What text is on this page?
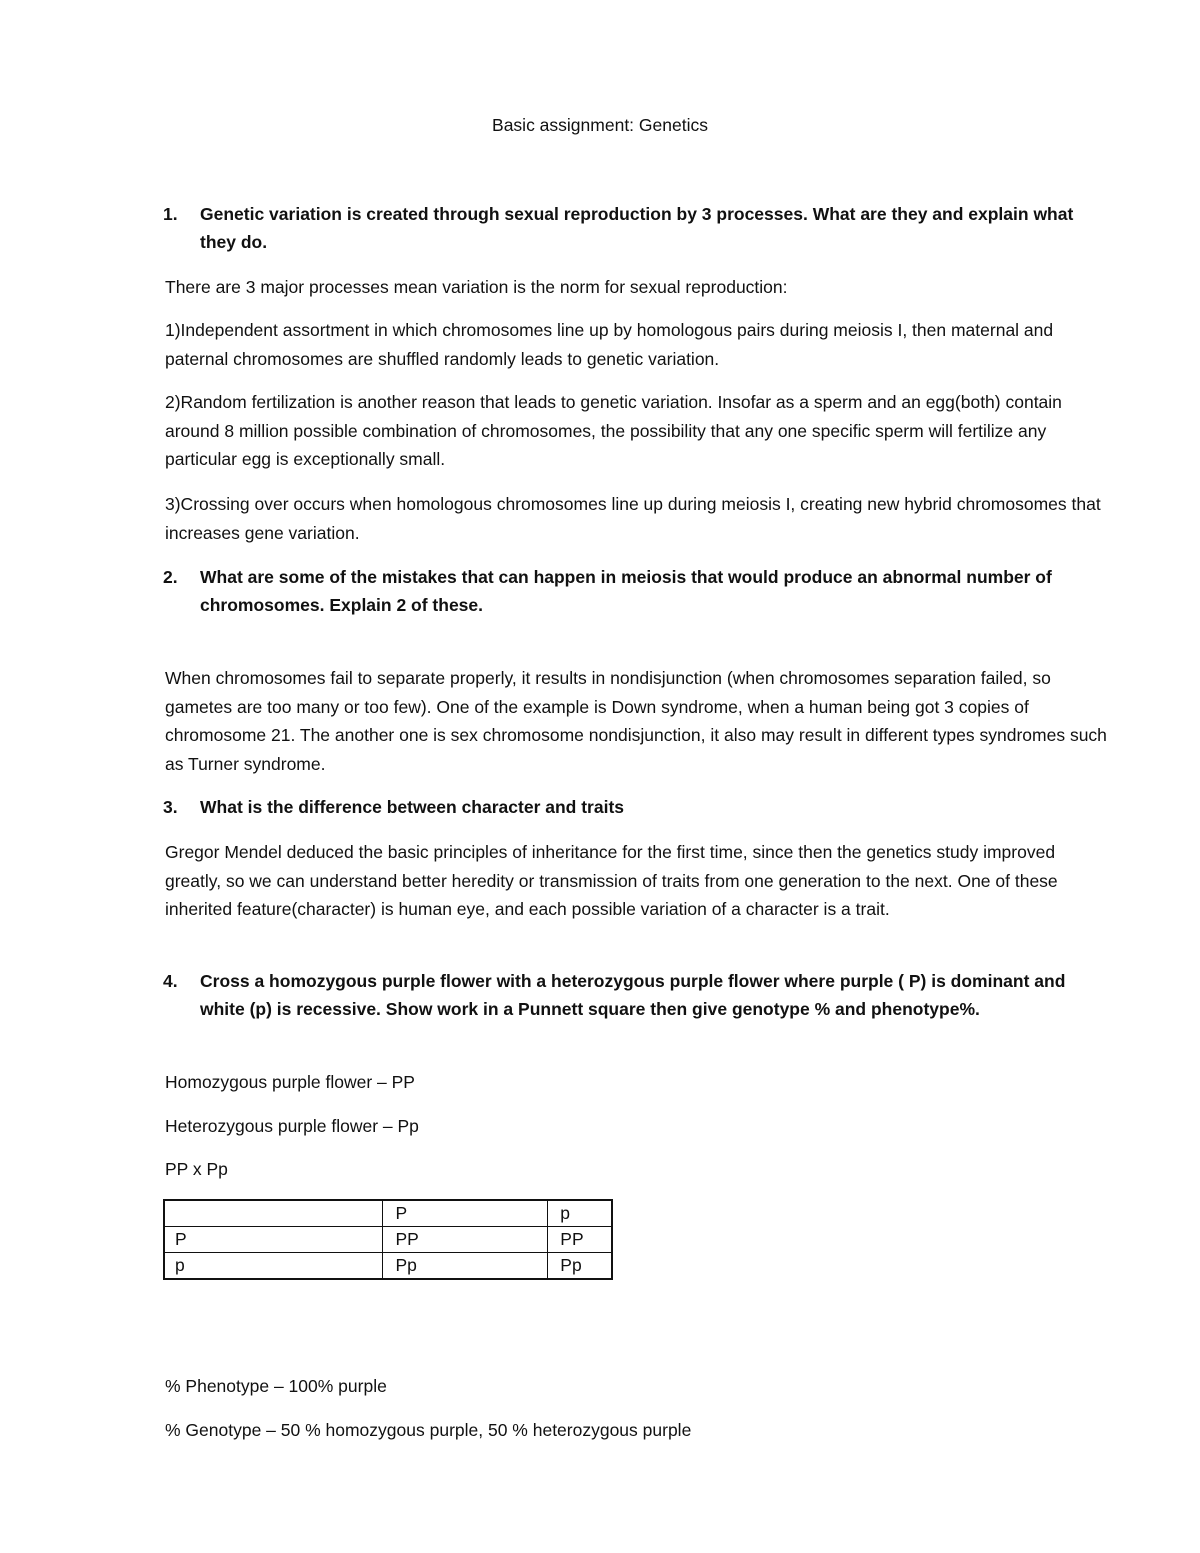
Basic assignment: Genetics
1. Genetic variation is created through sexual reproduction by 3 processes. What are they and explain what they do.
There are 3 major processes mean variation is the norm for sexual reproduction:
1)Independent assortment in which chromosomes line up by homologous pairs during meiosis I, then maternal and paternal chromosomes are shuffled randomly leads to genetic variation.
2)Random fertilization is another reason that leads to genetic variation. Insofar as a sperm and an egg(both) contain around 8 million possible combination of chromosomes, the possibility that any one specific sperm will fertilize any particular egg is exceptionally small.
3)Crossing over occurs when homologous chromosomes line up during meiosis I, creating new hybrid chromosomes that increases gene variation.
2. What are some of the mistakes that can happen in meiosis that would produce an abnormal number of chromosomes. Explain 2 of these.
When chromosomes fail to separate properly, it results in nondisjunction (when chromosomes separation failed, so gametes are too many or too few). One of the example is Down syndrome, when a human being got 3 copies of chromosome 21. The another one is sex chromosome nondisjunction, it also may result in different types syndromes such as Turner syndrome.
3. What is the difference between character and traits
Gregor Mendel deduced the basic principles of inheritance for the first time, since then the genetics study improved greatly, so we can understand better heredity or transmission of traits from one generation to the next. One of these inherited feature(character) is human eye, and each possible variation of a character is a trait.
4. Cross a homozygous purple flower with a heterozygous purple flower where purple ( P) is dominant and white (p) is recessive. Show work in a Punnett square then give genotype % and phenotype%.
Homozygous purple flower – PP
Heterozygous purple flower – Pp
PP x Pp
	P	p
P	PP	PP
p	Pp	Pp
% Phenotype – 100% purple
% Genotype – 50 % homozygous purple, 50 % heterozygous purple
